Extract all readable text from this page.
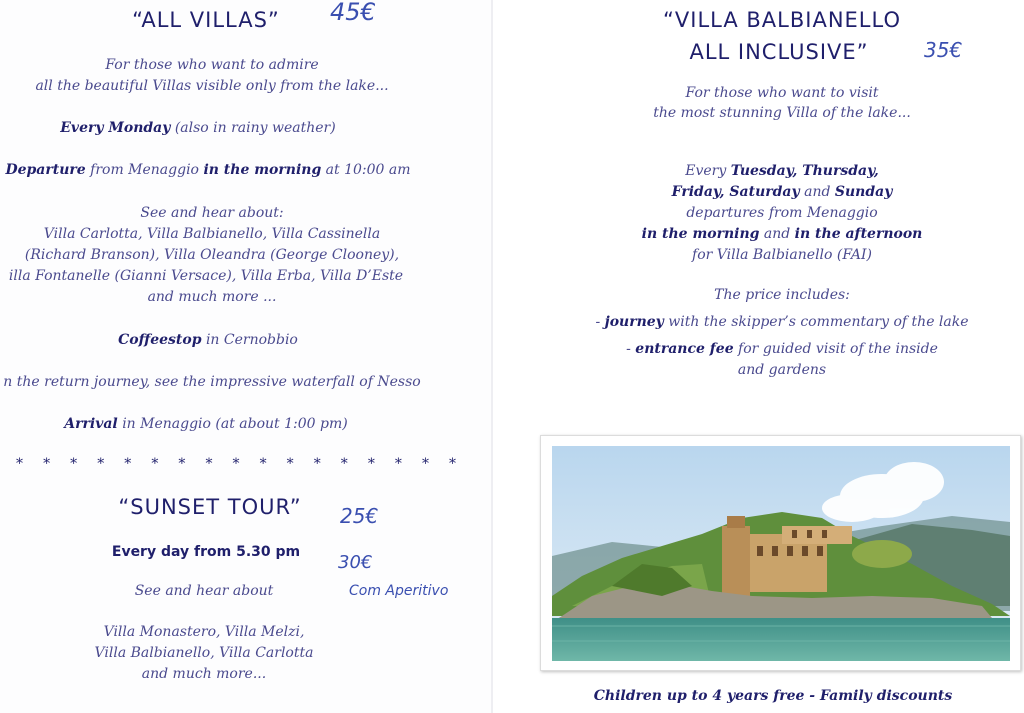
“ALL VILLAS”	45€
For those who want to admire
all the beautiful Villas visible only from the lake...
Every Monday (also in rainy weather)
Departure from Menaggio in the morning at 10:00 am
See and hear about:
Villa Carlotta, Villa Balbianello, Villa Cassinella
(Richard Branson), Villa Oleandra (George Clooney),
illa Fontanelle (Gianni Versace), Villa Erba, Villa D’Este
and much more ...
Coffeestop in Cernobbio
n the return journey, see the impressive waterfall of Nesso
Arrival in Menaggio (at about 1:00 pm)
* * * * * * * * * * * * * * * * *
“SUNSET TOUR”	25€
Every day from 5.30 pm	30€
See and hear about	Com Aperitivo
Villa Monastero, Villa Melzi,
Villa Balbianello, Villa Carlotta
and much more...
“VILLA BALBIANELLO
ALL INCLUSIVE”	35€
For those who want to visit
the most stunning Villa of the lake...
Every Tuesday, Thursday,
Friday, Saturday and Sunday
departures from Menaggio
in the morning and in the afternoon
for Villa Balbianello (FAI)
The price includes:
- journey with the skipper’s commentary of the lake
- entrance fee for guided visit of the inside
and gardens
Children up to 4 years free - Family discounts
